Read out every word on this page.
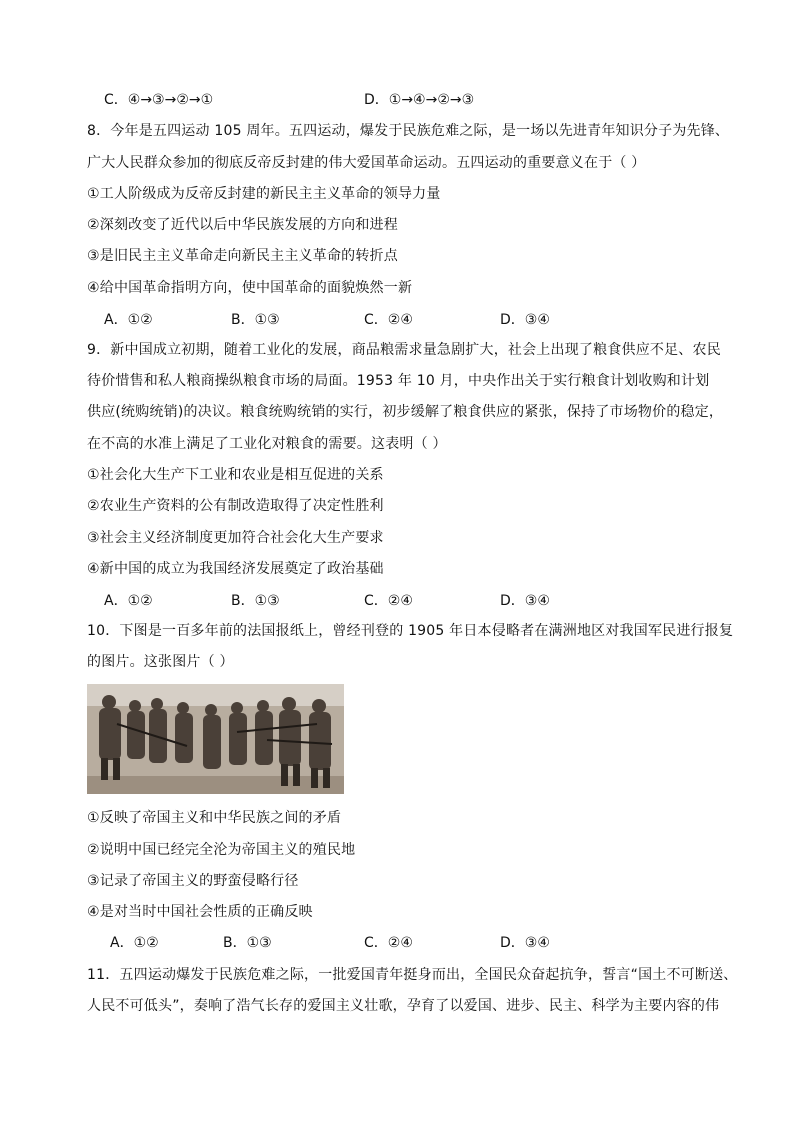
C．④→③→②→①	D．①→④→②→③
8．今年是五四运动 105 周年。五四运动，爆发于民族危难之际，是一场以先进青年知识分子为先锋、
广大人民群众参加的彻底反帝反封建的伟大爱国革命运动。五四运动的重要意义在于（ ）
①工人阶级成为反帝反封建的新民主主义革命的领导力量
②深刻改变了近代以后中华民族发展的方向和进程
③是旧民主主义革命走向新民主主义革命的转折点
④给中国革命指明方向，使中国革命的面貌焕然一新
A．①②	B．①③	C．②④	D．③④
9．新中国成立初期，随着工业化的发展，商品粮需求量急剧扩大，社会上出现了粮食供应不足、农民
待价惜售和私人粮商操纵粮食市场的局面。1953 年 10 月，中央作出关于实行粮食计划收购和计划
供应(统购统销)的决议。粮食统购统销的实行，初步缓解了粮食供应的紧张，保持了市场物价的稳定，
在不高的水准上满足了工业化对粮食的需要。这表明（ ）
①社会化大生产下工业和农业是相互促进的关系
②农业生产资料的公有制改造取得了决定性胜利
③社会主义经济制度更加符合社会化大生产要求
④新中国的成立为我国经济发展奠定了政治基础
A．①②	B．①③	C．②④	D．③④
10．下图是一百多年前的法国报纸上，曾经刊登的 1905 年日本侵略者在满洲地区对我国军民进行报复
的图片。这张图片（ ）
①反映了帝国主义和中华民族之间的矛盾
②说明中国已经完全沦为帝国主义的殖民地
③记录了帝国主义的野蛮侵略行径
④是对当时中国社会性质的正确反映
A．①②	B．①③	C．②④	D．③④
11．五四运动爆发于民族危难之际，一批爱国青年挺身而出，全国民众奋起抗争，誓言“国土不可断送、
人民不可低头”，奏响了浩气长存的爱国主义壮歌，孕育了以爱国、进步、民主、科学为主要内容的伟
